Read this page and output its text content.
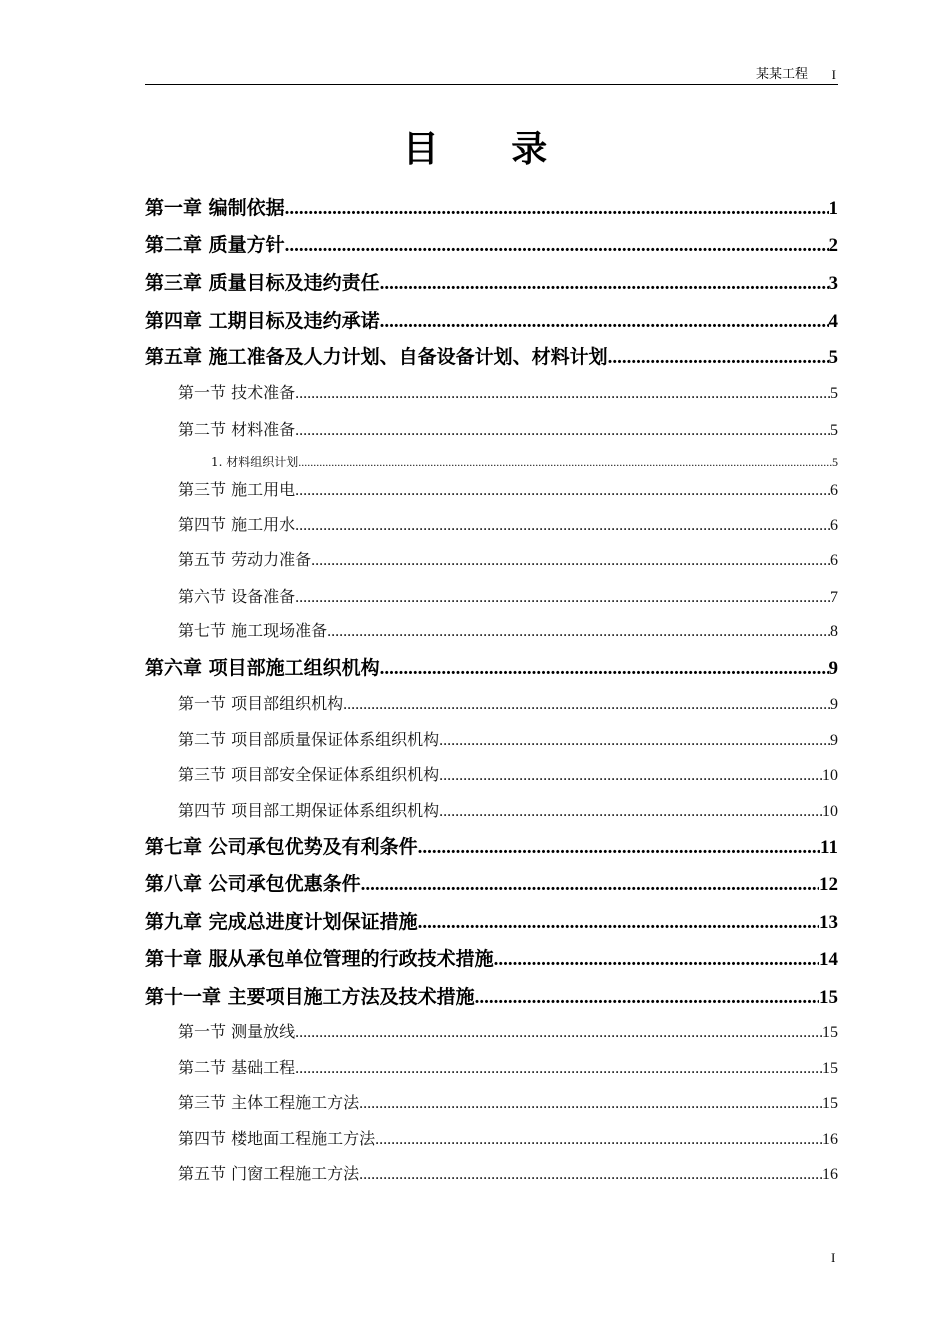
某某工程 I
目 录
第一章 编制依据 .....	1
第二章 质量方针 .....	2
第三章 质量目标及违约责任 .....	3
第四章 工期目标及违约承诺 .....	4
第五章 施工准备及人力计划、自备设备计划、材料计划 .....	5
第一节 技术准备 .....	5
第二节 材料准备 .....	5
1. 材料组织计划 .....	5
第三节 施工用电 .....	6
第四节 施工用水 .....	6
第五节 劳动力准备 .....	6
第六节 设备准备 .....	7
第七节 施工现场准备 .....	8
第六章 项目部施工组织机构 .....	9
第一节 项目部组织机构 .....	9
第二节 项目部质量保证体系组织机构 .....	9
第三节 项目部安全保证体系组织机构 .....	10
第四节 项目部工期保证体系组织机构 .....	10
第七章 公司承包优势及有利条件 .....	11
第八章 公司承包优惠条件 .....	12
第九章 完成总进度计划保证措施 .....	13
第十章 服从承包单位管理的行政技术措施 .....	14
第十一章 主要项目施工方法及技术措施 .....	15
第一节 测量放线 .....	15
第二节 基础工程 .....	15
第三节 主体工程施工方法 .....	15
第四节 楼地面工程施工方法 .....	16
第五节 门窗工程施工方法 .....	16
I
